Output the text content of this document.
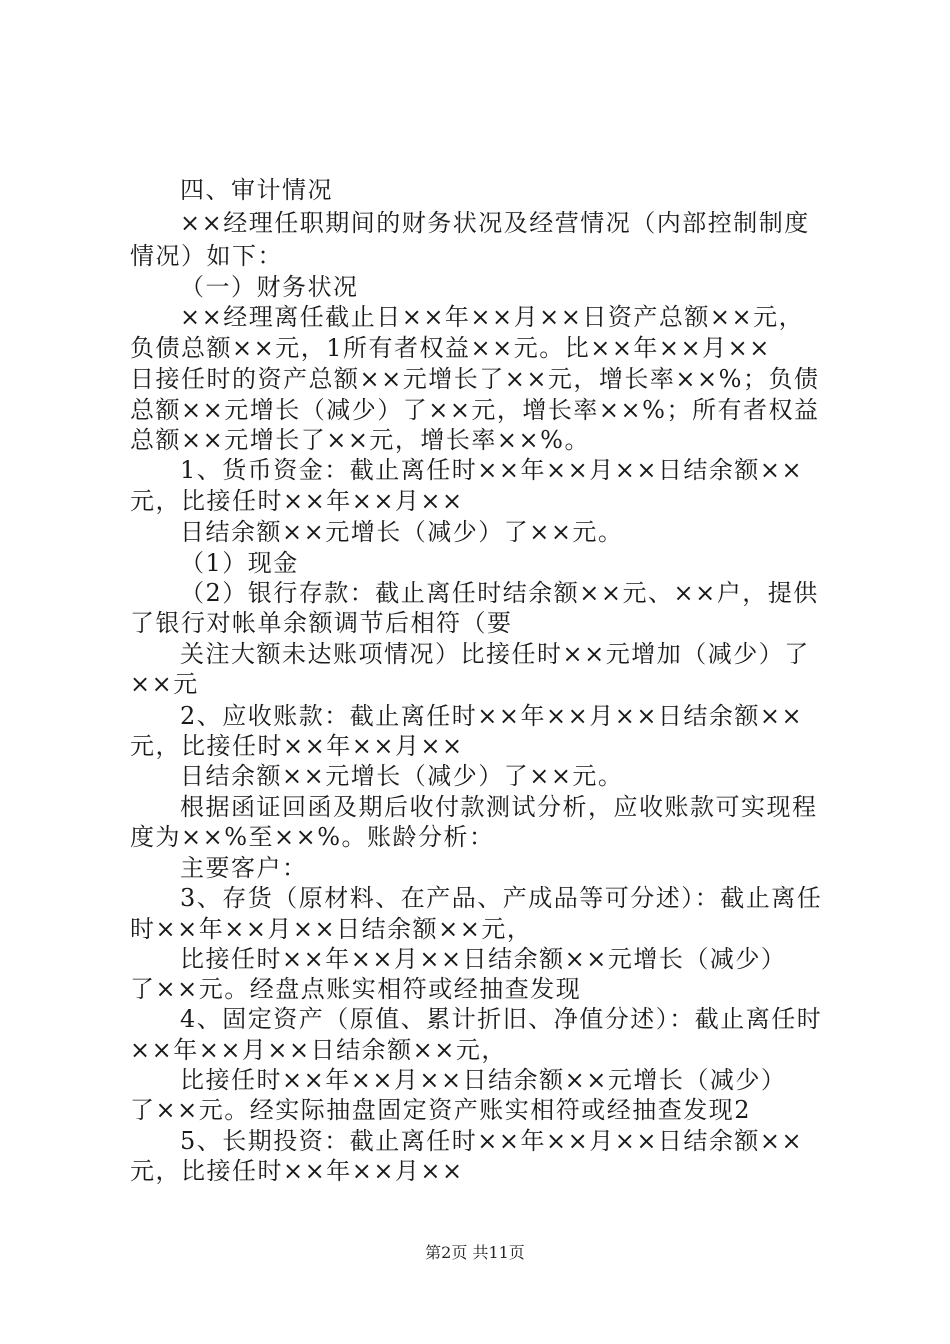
四、审计情况
××经理任职期间的财务状况及经营情况（内部控制制度
情况）如下：
（一）财务状况
××经理离任截止日××年××月××日资产总额××元，
负债总额××元，1所有者权益××元。比××年××月××
日接任时的资产总额××元增长了××元，增长率××%；负债
总额××元增长（减少）了××元，增长率××%；所有者权益
总额××元增长了××元，增长率××%。
1、货币资金：截止离任时××年××月××日结余额××
元，比接任时××年××月××
日结余额××元增长（减少）了××元。
（1）现金
（2）银行存款：截止离任时结余额××元、××户，提供
了银行对帐单余额调节后相符（要
关注大额未达账项情况）比接任时××元增加（减少）了
××元
2、应收账款：截止离任时××年××月××日结余额××
元，比接任时××年××月××
日结余额××元增长（减少）了××元。
根据函证回函及期后收付款测试分析，应收账款可实现程
度为××%至××%。账龄分析：
主要客户：
3、存货（原材料、在产品、产成品等可分述）：截止离任
时××年××月××日结余额××元，
比接任时××年××月××日结余额××元增长（减少）
了××元。经盘点账实相符或经抽查发现
4、固定资产（原值、累计折旧、净值分述）：截止离任时
××年××月××日结余额××元，
比接任时××年××月××日结余额××元增长（减少）
了××元。经实际抽盘固定资产账实相符或经抽查发现2
5、长期投资：截止离任时××年××月××日结余额××
元，比接任时××年××月××
第2页 共11页
